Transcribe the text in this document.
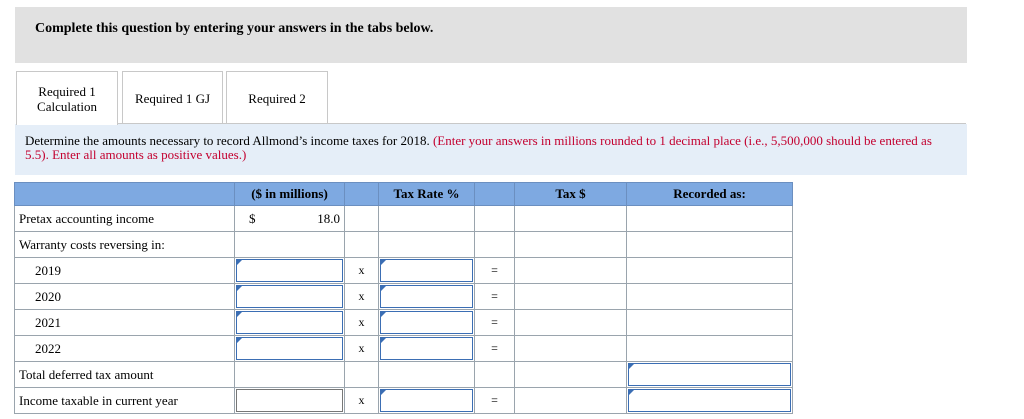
Complete this question by entering your answers in the tabs below.
Required 1
Calculation
Required 1 GJ	Required 2
Determine the amounts necessary to record Allmond’s income taxes for 2018. (Enter your answers in millions rounded to 1 decimal place (i.e., 5,500,000 should be entered as 5.5). Enter all amounts as positive values.)
	($ in millions)		Tax Rate %		Tax $	Recorded as:
Pretax accounting income	$ 18.0					

Warranty costs reversing in:						
2019		x		=		
2020		x		=		
2021		x		=		
2022		x		=		
Total deferred tax amount						

Income taxable in current year		x		=		
